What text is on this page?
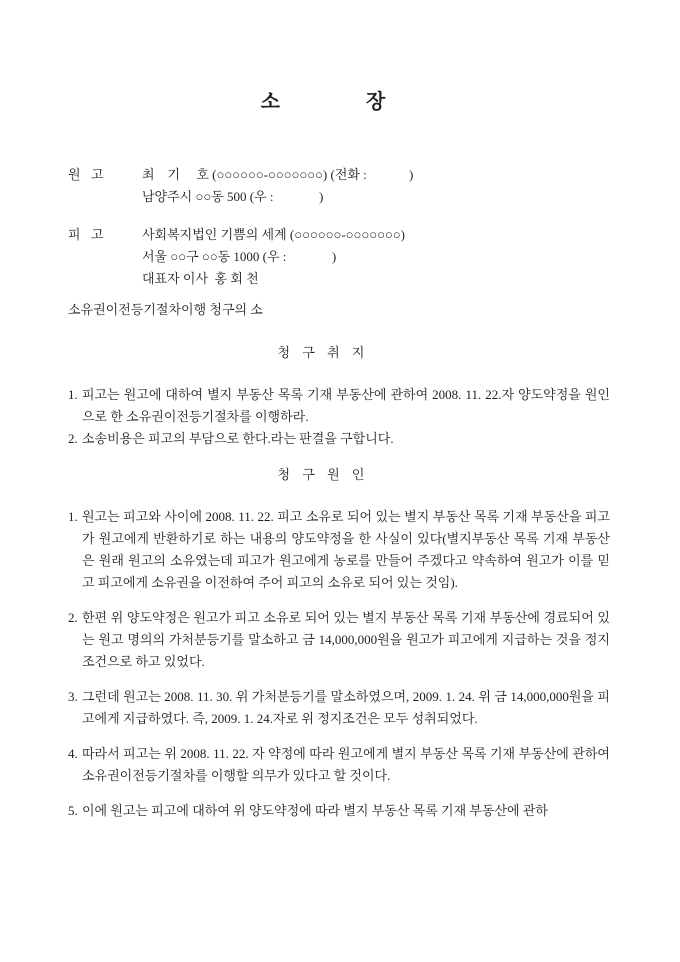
소            장
원  고	최    기     호 (○○○○○○-○○○○○○○) (전화 :             )
남양주시 ○○동 500 (우 :              )
피  고	사회복지법인 기쁨의 세계 (○○○○○○-○○○○○○○)
서울 ○○구 ○○동 1000 (우 :              )
대표자 이사  홍 회 천
소유권이전등기절차이행 청구의 소
청 구 취 지
1. 피고는 원고에 대하여 별지 부동산 목록 기재 부동산에 관하여 2008. 11. 22.자 양도약정을 원인으로 한 소유권이전등기절차를 이행하라.
2. 소송비용은 피고의 부담으로 한다.라는 판결을 구합니다.
청 구 원 인
1. 원고는 피고와 사이에 2008. 11. 22. 피고 소유로 되어 있는 별지 부동산 목록 기재 부동산을 피고가 원고에게 반환하기로 하는 내용의 양도약정을 한 사실이 있다(별지부동산 목록 기재 부동산은 원래 원고의 소유였는데 피고가 원고에게 농로를 만들어 주겠다고 약속하여 원고가 이를 믿고 피고에게 소유권을 이전하여 주어 피고의 소유로 되어 있는 것임).
2. 한편 위 양도약정은 원고가 피고 소유로 되어 있는 별지 부동산 목록 기재 부동산에 경료되어 있는 원고 명의의 가처분등기를 말소하고 금 14,000,000원을 원고가 피고에게 지급하는 것을 정지조건으로 하고 있었다.
3. 그런데 원고는 2008. 11. 30. 위 가처분등기를 말소하였으며, 2009. 1. 24. 위 금 14,000,000원을 피고에게 지급하였다. 즉, 2009. 1. 24.자로 위 정지조건은 모두 성취되었다.
4. 따라서 피고는 위 2008. 11. 22. 자 약정에 따라 원고에게 별지 부동산 목록 기재 부동산에 관하여 소유권이전등기절차를 이행할 의무가 있다고 할 것이다.
5. 이에 원고는 피고에 대하여 위 양도약정에 따라 별지 부동산 목록 기재 부동산에 관하
